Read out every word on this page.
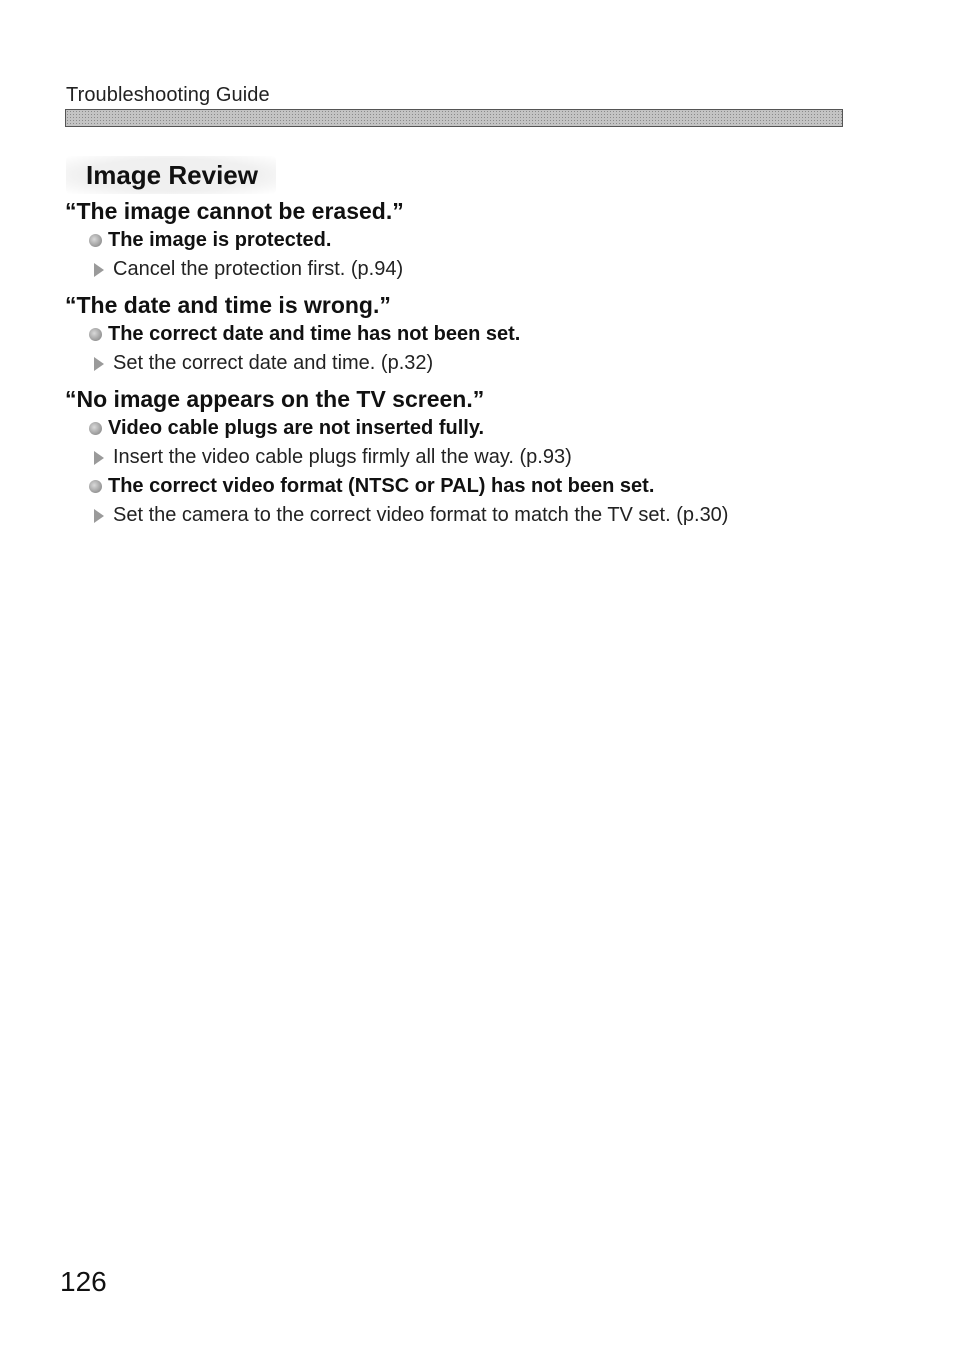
Troubleshooting Guide
Image Review
“The image cannot be erased.”
The image is protected.
Cancel the protection first. (p.94)
“The date and time is wrong.”
The correct date and time has not been set.
Set the correct date and time. (p.32)
“No image appears on the TV screen.”
Video cable plugs are not inserted fully.
Insert the video cable plugs firmly all the way. (p.93)
The correct video format (NTSC or PAL) has not been set.
Set the camera to the correct video format to match the TV set. (p.30)
126
